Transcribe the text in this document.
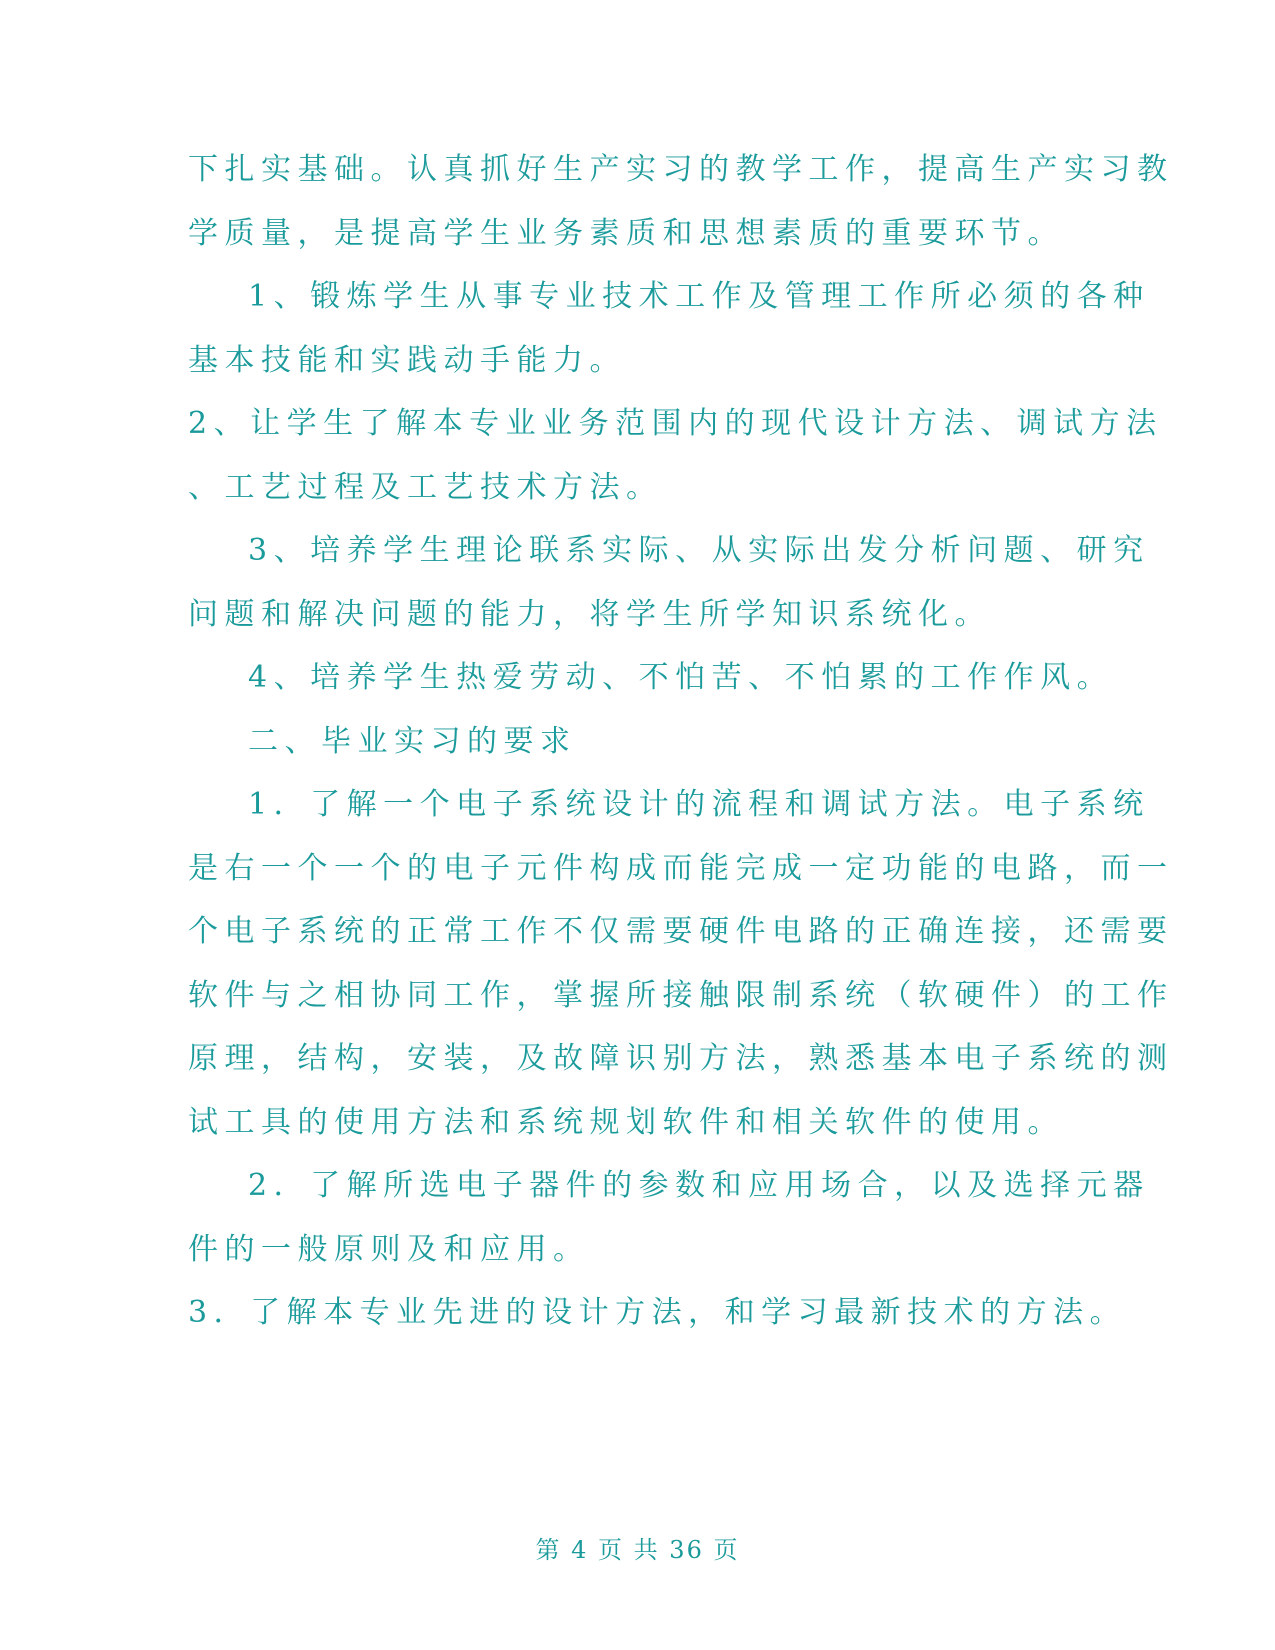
下扎实基础。认真抓好生产实习的教学工作，提高生产实习教
学质量，是提高学生业务素质和思想素质的重要环节。
1、锻炼学生从事专业技术工作及管理工作所必须的各种
基本技能和实践动手能力。
2、让学生了解本专业业务范围内的现代设计方法、调试方法
、工艺过程及工艺技术方法。
3、培养学生理论联系实际、从实际出发分析问题、研究
问题和解决问题的能力，将学生所学知识系统化。
4、培养学生热爱劳动、不怕苦、不怕累的工作作风。
二、毕业实习的要求
1．了解一个电子系统设计的流程和调试方法。电子系统
是右一个一个的电子元件构成而能完成一定功能的电路，而一
个电子系统的正常工作不仅需要硬件电路的正确连接，还需要
软件与之相协同工作，掌握所接触限制系统（软硬件）的工作
原理，结构，安装，及故障识别方法，熟悉基本电子系统的测
试工具的使用方法和系统规划软件和相关软件的使用。
2．了解所选电子器件的参数和应用场合，以及选择元器
件的一般原则及和应用。
3．了解本专业先进的设计方法，和学习最新技术的方法。
第 4 页 共 36 页
